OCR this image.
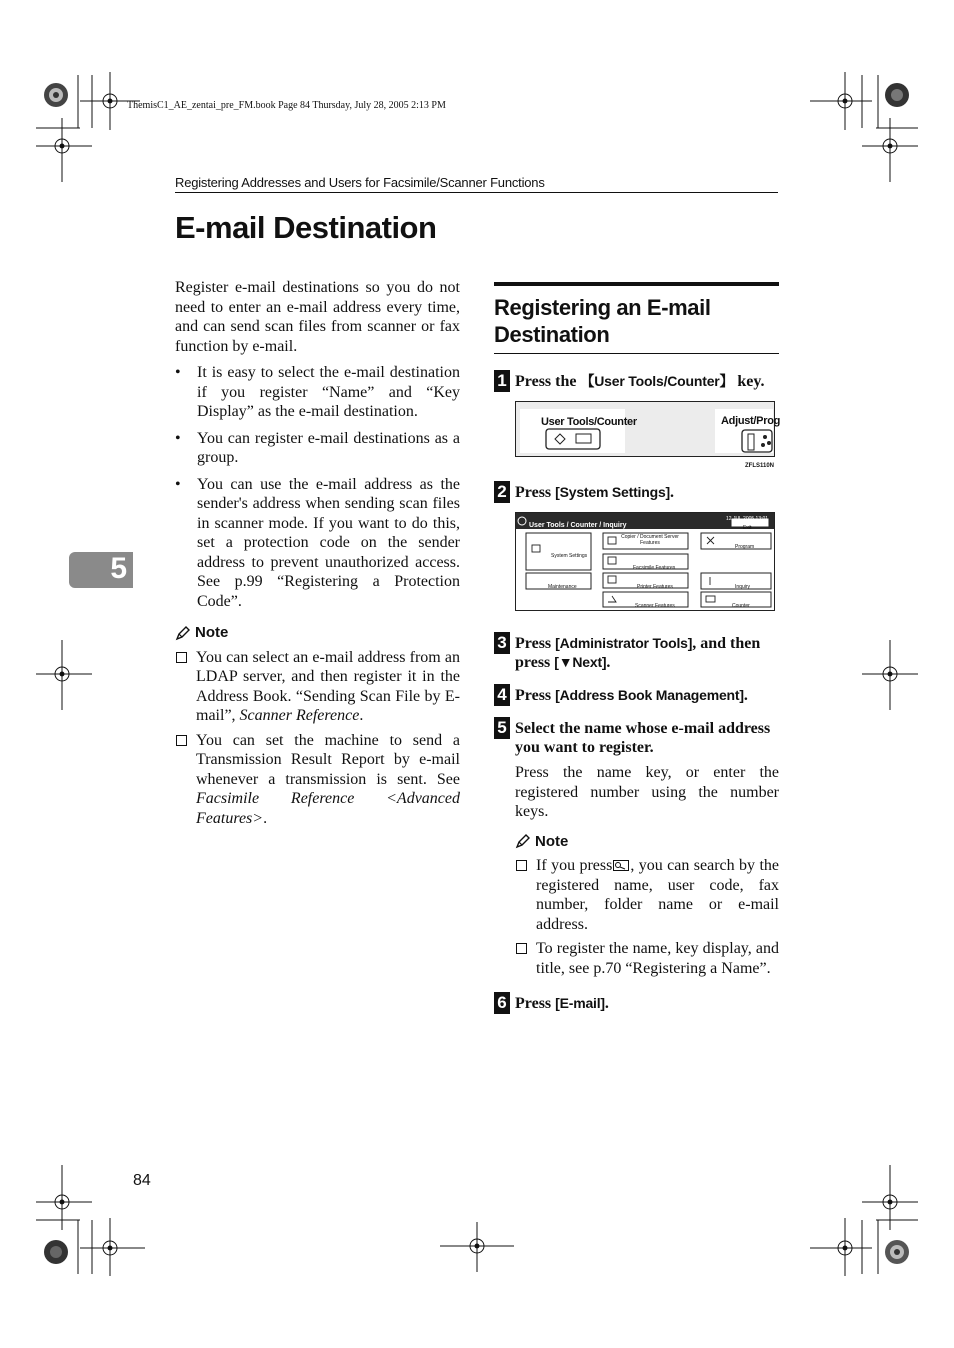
ThemisC1_AE_zentai_pre_FM.book Page 84 Thursday, July 28, 2005 2:13 PM
Registering Addresses and Users for Facsimile/Scanner Functions
E-mail Destination
5

Register e-mail destinations so you do not need to enter an e-mail address every time, and can send scan files from scanner or fax function by e-mail.

• It is easy to select the e-mail destination if you register “Name” and “Key Display” as the e-mail destination.
• You can register e-mail destinations as a group.
• You can use the e-mail address as the sender's address when sending scan files in scanner mode. If you want to do this, set a protection code on the sender address to prevent unauthorized access. See p.99 “Registering a Protection Code”.
Note
You can select an e-mail address from an LDAP server, and then register it in the Address Book. “Sending Scan File by E-mail”, Scanner Reference.
You can set the machine to send a Transmission Result Report by e-mail whenever a transmission is sent. See Facsimile Reference <Advanced Features>.
Registering an E-mail Destination
1 Press the 【User Tools/Counter】 key.
User Tools/Counter	Adjust/Prog
ZFLS110N
2 Press [System Settings].
User Tools / Counter / Inquiry
12 JUL 2005 13:01
Exit
System Settings
Copier / Document Server Features
Facsimile Features
Printer Features
Scanner Features
Maintenance
Program
Inquiry
Counter
3 Press [Administrator Tools], and then press [▼Next].
4 Press [Address Book Management].
5 Select the name whose e-mail address you want to register.

Press the name key, or enter the registered number using the number keys.

Note
If you press , you can search by the registered name, user code, fax number, folder name or e-mail address.
To register the name, key display, and title, see p.70 “Registering a Name”.
6 Press [E-mail].
84
